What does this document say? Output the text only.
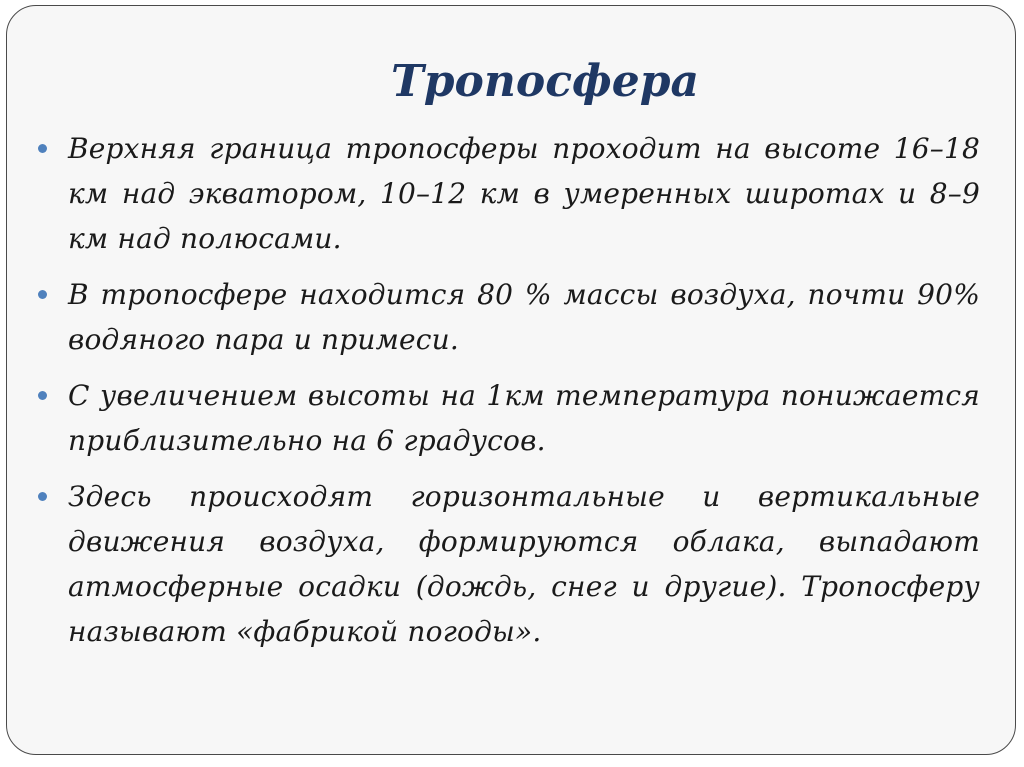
Тропосфера
Верхняя граница тропосферы проходит на высоте 16–18 км над экватором, 10–12 км в умеренных широтах и 8–9 км над полюсами.
В тропосфере находится 80 % массы воздуха, почти 90% водяного пара и примеси.
С увеличением высоты на 1км температура понижается приблизительно на 6 градусов.
Здесь происходят горизонтальные и вертикальные движения воздуха, формируются облака, выпадают атмосферные осадки (дождь, снег и другие). Тропосферу называют «фабрикой погоды».
